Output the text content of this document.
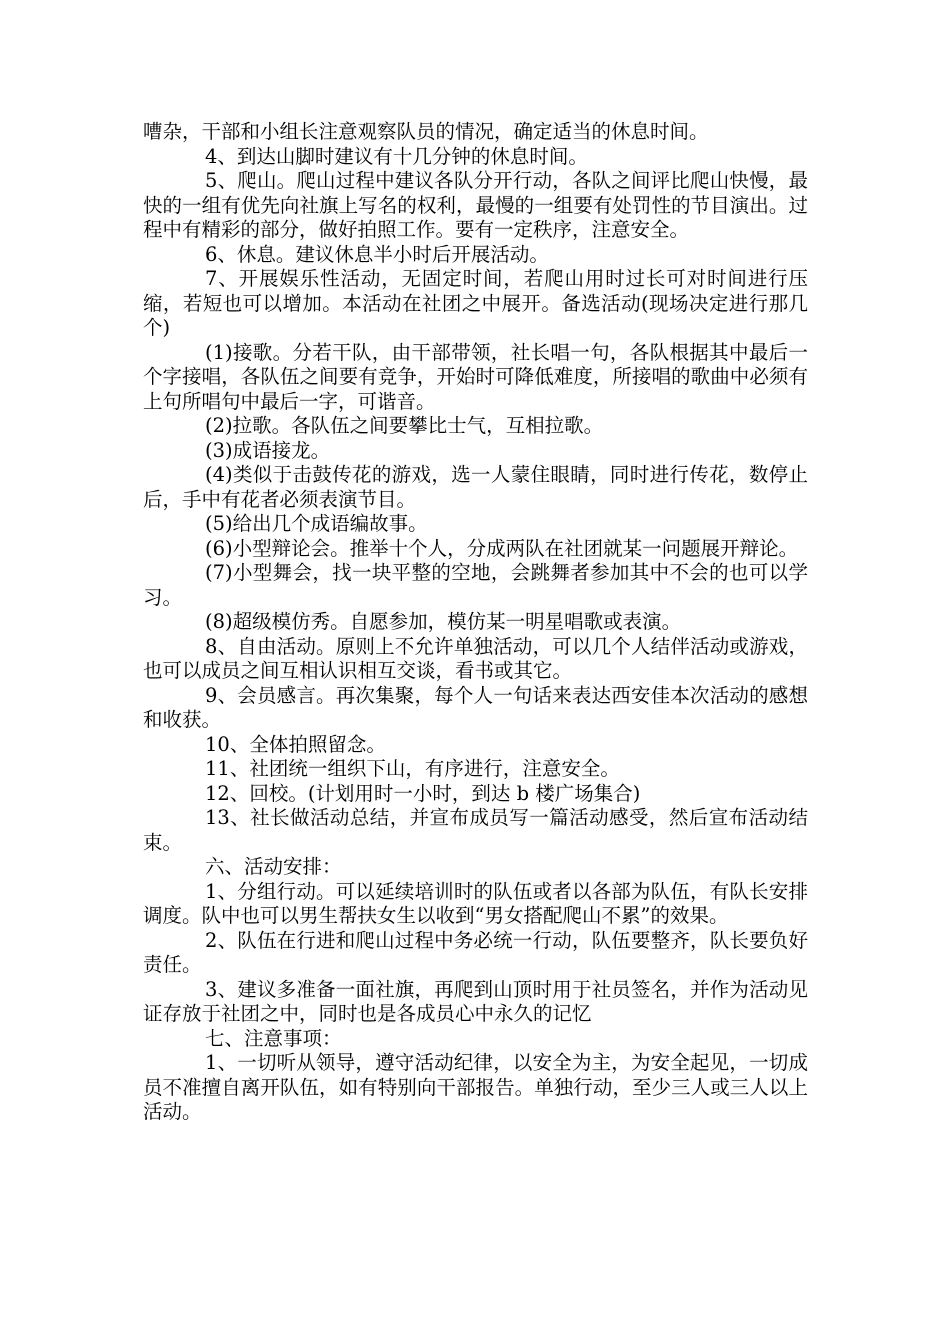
嘈杂，干部和小组长注意观察队员的情况，确定适当的休息时间。

4、到达山脚时建议有十几分钟的休息时间。

5、爬山。爬山过程中建议各队分开行动，各队之间评比爬山快慢，最快的一组有优先向社旗上写名的权利，最慢的一组要有处罚性的节目演出。过程中有精彩的部分，做好拍照工作。要有一定秩序，注意安全。

6、休息。建议休息半小时后开展活动。

7、开展娱乐性活动，无固定时间，若爬山用时过长可对时间进行压缩，若短也可以增加。本活动在社团之中展开。备选活动(现场决定进行那几个)

(1)接歌。分若干队，由干部带领，社长唱一句，各队根据其中最后一个字接唱，各队伍之间要有竞争，开始时可降低难度，所接唱的歌曲中必须有上句所唱句中最后一字，可谐音。

(2)拉歌。各队伍之间要攀比士气，互相拉歌。

(3)成语接龙。

(4)类似于击鼓传花的游戏，选一人蒙住眼睛，同时进行传花，数停止后，手中有花者必须表演节目。

(5)给出几个成语编故事。

(6)小型辩论会。推举十个人，分成两队在社团就某一问题展开辩论。

(7)小型舞会，找一块平整的空地，会跳舞者参加其中不会的也可以学习。

(8)超级模仿秀。自愿参加，模仿某一明星唱歌或表演。

8、自由活动。原则上不允许单独活动，可以几个人结伴活动或游戏，也可以成员之间互相认识相互交谈，看书或其它。

9、会员感言。再次集聚，每个人一句话来表达西安佳本次活动的感想和收获。

10、全体拍照留念。

11、社团统一组织下山，有序进行，注意安全。

12、回校。(计划用时一小时，到达 b 楼广场集合)

13、社长做活动总结，并宣布成员写一篇活动感受，然后宣布活动结束。

六、活动安排：

1、分组行动。可以延续培训时的队伍或者以各部为队伍，有队长安排调度。队中也可以男生帮扶女生以收到“男女搭配爬山不累”的效果。

2、队伍在行进和爬山过程中务必统一行动，队伍要整齐，队长要负好责任。

3、建议多准备一面社旗，再爬到山顶时用于社员签名，并作为活动见证存放于社团之中，同时也是各成员心中永久的记忆

七、注意事项：

1、一切听从领导，遵守活动纪律，以安全为主，为安全起见，一切成员不准擅自离开队伍，如有特别向干部报告。单独行动，至少三人或三人以上活动。
